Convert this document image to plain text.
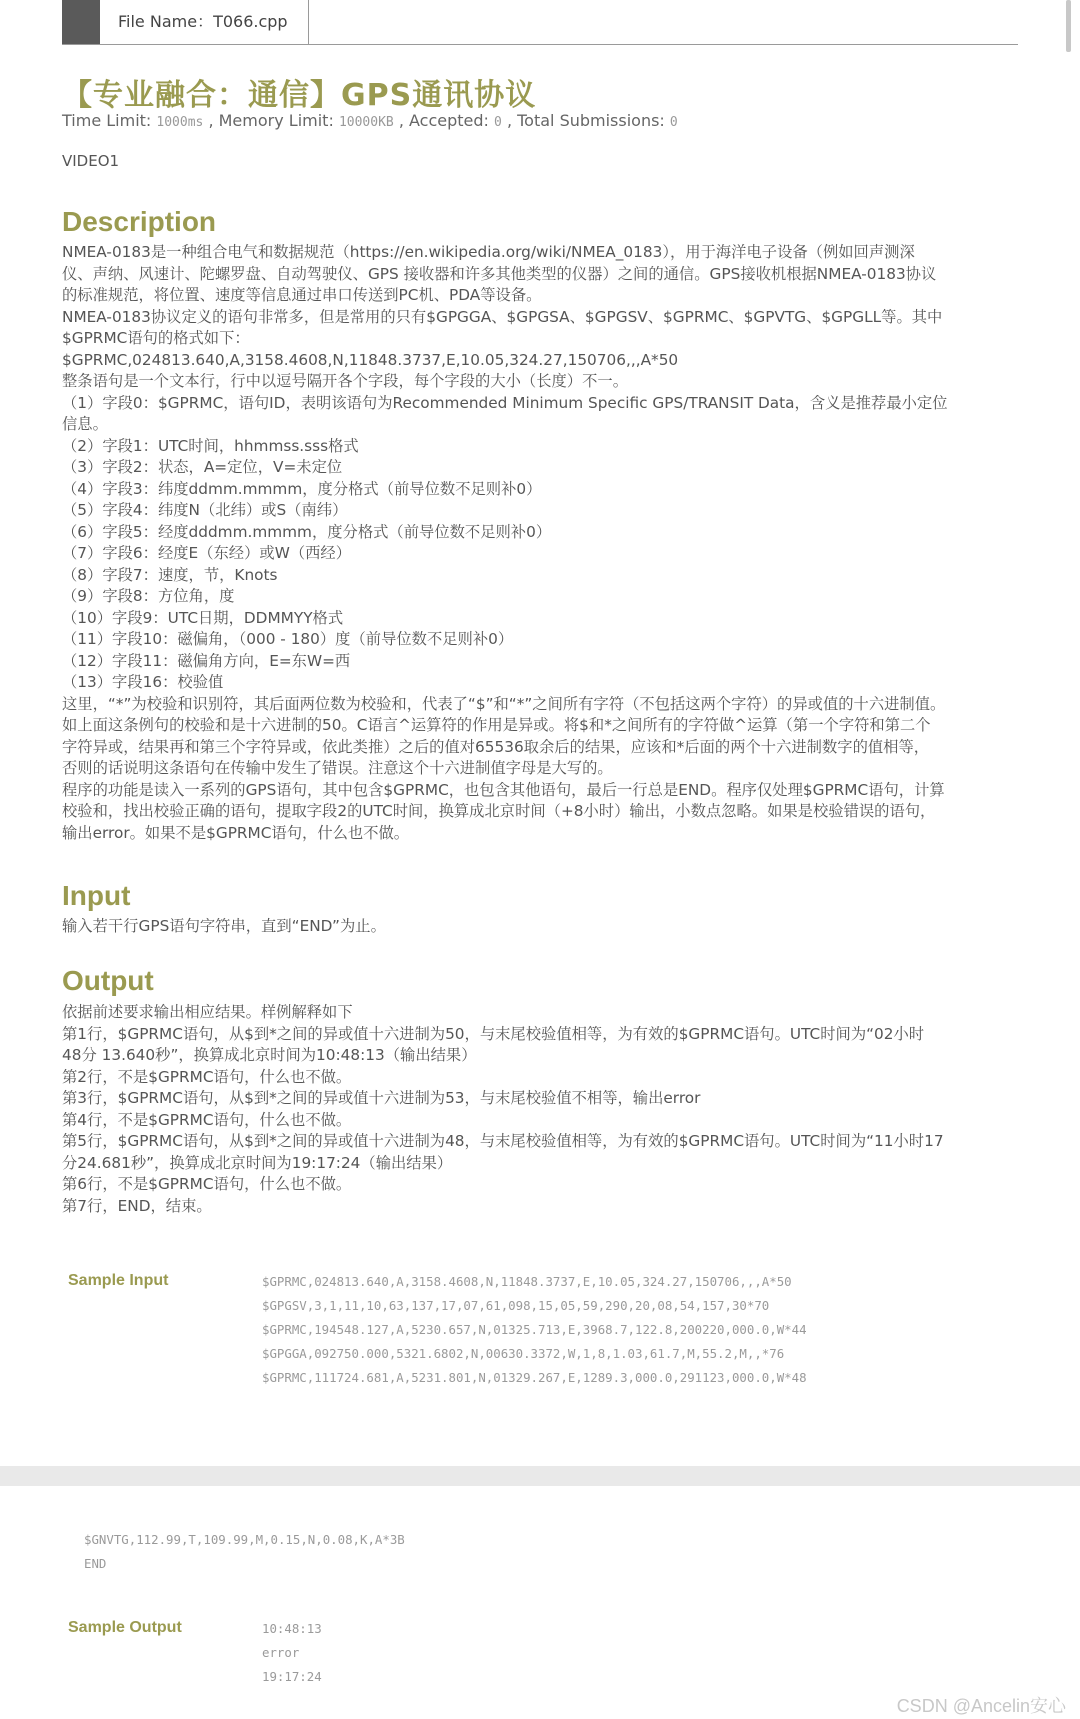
File Name：T066.cpp
【专业融合：通信】GPS通讯协议
Time Limit: 1000ms , Memory Limit: 10000KB , Accepted: 0 , Total Submissions: 0
VIDEO1
Description
NMEA-0183是一种组合电气和数据规范（https://en.wikipedia.org/wiki/NMEA_0183），用于海洋电子设备（例如回声测深
仪、声纳、风速计、陀螺罗盘、自动驾驶仪、GPS 接收器和许多其他类型的仪器）之间的通信。GPS接收机根据NMEA-0183协议
的标准规范，将位置、速度等信息通过串口传送到PC机、PDA等设备。
NMEA-0183协议定义的语句非常多，但是常用的只有$GPGGA、$GPGSA、$GPGSV、$GPRMC、$GPVTG、$GPGLL等。其中
$GPRMC语句的格式如下：
$GPRMC,024813.640,A,3158.4608,N,11848.3737,E,10.05,324.27,150706,,,A*50
整条语句是一个文本行，行中以逗号隔开各个字段，每个字段的大小（长度）不一。
（1）字段0：$GPRMC，语句ID，表明该语句为Recommended Minimum Specific GPS/TRANSIT Data，含义是推荐最小定位
信息。
（2）字段1：UTC时间，hhmmss.sss格式
（3）字段2：状态，A=定位，V=未定位
（4）字段3：纬度ddmm.mmmm，度分格式（前导位数不足则补0）
（5）字段4：纬度N（北纬）或S（南纬）
（6）字段5：经度dddmm.mmmm，度分格式（前导位数不足则补0）
（7）字段6：经度E（东经）或W（西经）
（8）字段7：速度，节，Knots
（9）字段8：方位角，度
（10）字段9：UTC日期，DDMMYY格式
（11）字段10：磁偏角，（000 - 180）度（前导位数不足则补0）
（12）字段11：磁偏角方向，E=东W=西
（13）字段16：校验值
这里，“*”为校验和识别符，其后面两位数为校验和，代表了“$”和“*”之间所有字符（不包括这两个字符）的异或值的十六进制值。
如上面这条例句的校验和是十六进制的50。C语言^运算符的作用是异或。将$和*之间所有的字符做^运算（第一个字符和第二个
字符异或，结果再和第三个字符异或，依此类推）之后的值对65536取余后的结果，应该和*后面的两个十六进制数字的值相等，
否则的话说明这条语句在传输中发生了错误。注意这个十六进制值字母是大写的。
程序的功能是读入一系列的GPS语句，其中包含$GPRMC，也包含其他语句，最后一行总是END。程序仅处理$GPRMC语句，计算
校验和，找出校验正确的语句，提取字段2的UTC时间，换算成北京时间（+8小时）输出，小数点忽略。如果是校验错误的语句，
输出error。如果不是$GPRMC语句，什么也不做。
Input
输入若干行GPS语句字符串，直到“END”为止。
Output
依据前述要求输出相应结果。样例解释如下
第1行，$GPRMC语句，从$到*之间的异或值十六进制为50，与末尾校验值相等，为有效的$GPRMC语句。UTC时间为“02小时
48分 13.640秒”，换算成北京时间为10:48:13（输出结果）
第2行，不是$GPRMC语句，什么也不做。
第3行，$GPRMC语句，从$到*之间的异或值十六进制为53，与末尾校验值不相等，输出error
第4行，不是$GPRMC语句，什么也不做。
第5行，$GPRMC语句，从$到*之间的异或值十六进制为48，与末尾校验值相等，为有效的$GPRMC语句。UTC时间为“11小时17
分24.681秒”，换算成北京时间为19:17:24（输出结果）
第6行，不是$GPRMC语句，什么也不做。
第7行，END，结束。
Sample Input	$GPRMC,024813.640,A,3158.4608,N,11848.3737,E,10.05,324.27,150706,,,A*50
$GPGSV,3,1,11,10,63,137,17,07,61,098,15,05,59,290,20,08,54,157,30*70
$GPRMC,194548.127,A,5230.657,N,01325.713,E,3968.7,122.8,200220,000.0,W*44
$GPGGA,092750.000,5321.6802,N,00630.3372,W,1,8,1.03,61.7,M,55.2,M,,*76
$GPRMC,111724.681,A,5231.801,N,01329.267,E,1289.3,000.0,291123,000.0,W*48
$GNVTG,112.99,T,109.99,M,0.15,N,0.08,K,A*3B
END
Sample Output	10:48:13
error
19:17:24
CSDN @Ancelin安心
